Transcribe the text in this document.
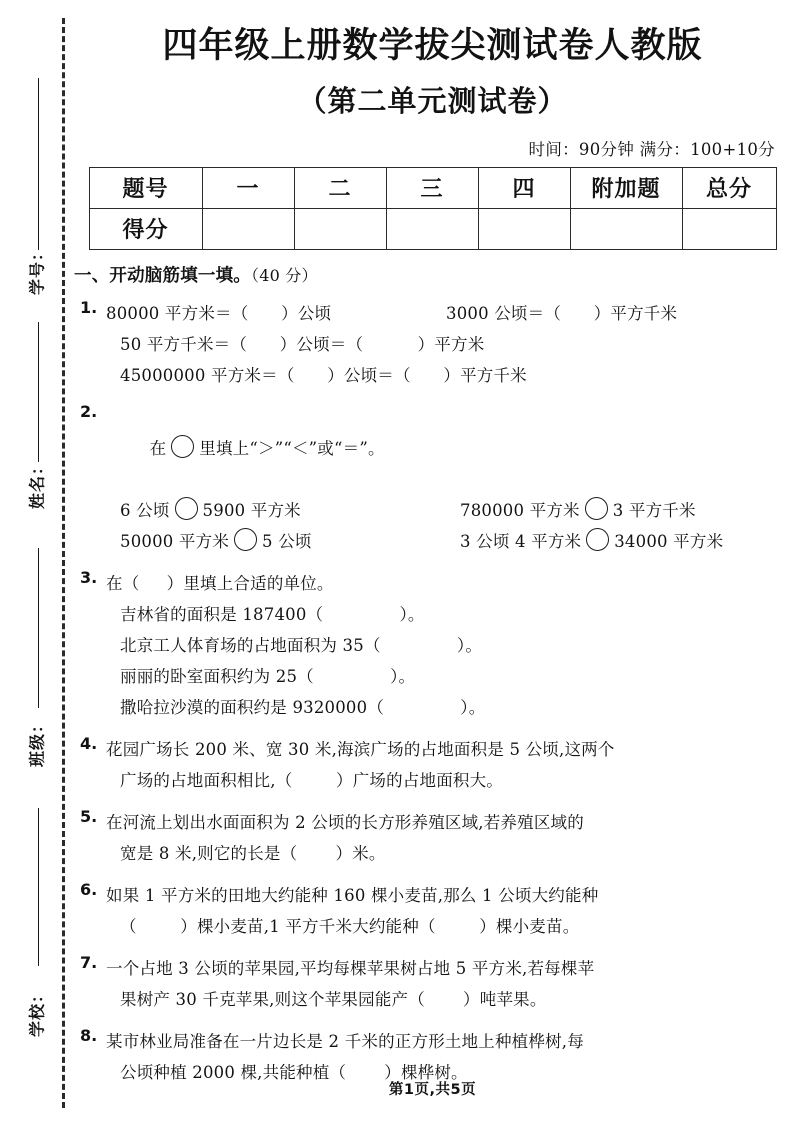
学号：
姓名：
班级：
学校：
四年级上册数学拔尖测试卷人教版
（第二单元测试卷）
时间：90分钟 满分：100+10分
题号	一	二	三	四	附加题	总分
得分						
一、开动脑筋填一填。（40 分）
1. 80000 平方米＝（      ）公顷	3000 公顷＝（      ）平方千米
50 平方千米＝（      ）公顷＝（          ）平方米
45000000 平方米＝（      ）公顷＝（      ）平方千米
2.

在 里填上“＞”“＜”或“＝”。

6 公顷 5900 平方米	780000 平方米 3 平方千米
50000 平方米 5 公顷	3 公顷 4 平方米 34000 平方米
3. 在（     ）里填上合适的单位。
吉林省的面积是 187400（              ）。
北京工人体育场的占地面积为 35（              ）。
丽丽的卧室面积约为 25（              ）。
撒哈拉沙漠的面积约是 9320000（              ）。
4. 花园广场长 200 米、宽 30 米,海滨广场的占地面积是 5 公顷,这两个
广场的占地面积相比,（        ）广场的占地面积大。
5. 在河流上划出水面面积为 2 公顷的长方形养殖区域,若养殖区域的
宽是 8 米,则它的长是（       ）米。
6. 如果 1 平方米的田地大约能种 160 棵小麦苗,那么 1 公顷大约能种
（        ）棵小麦苗,1 平方千米大约能种（        ）棵小麦苗。
7. 一个占地 3 公顷的苹果园,平均每棵苹果树占地 5 平方米,若每棵苹
果树产 30 千克苹果,则这个苹果园能产（       ）吨苹果。
8. 某市林业局准备在一片边长是 2 千米的正方形土地上种植桦树,每
公顷种植 2000 棵,共能种植（       ）棵桦树。
第1页,共5页
